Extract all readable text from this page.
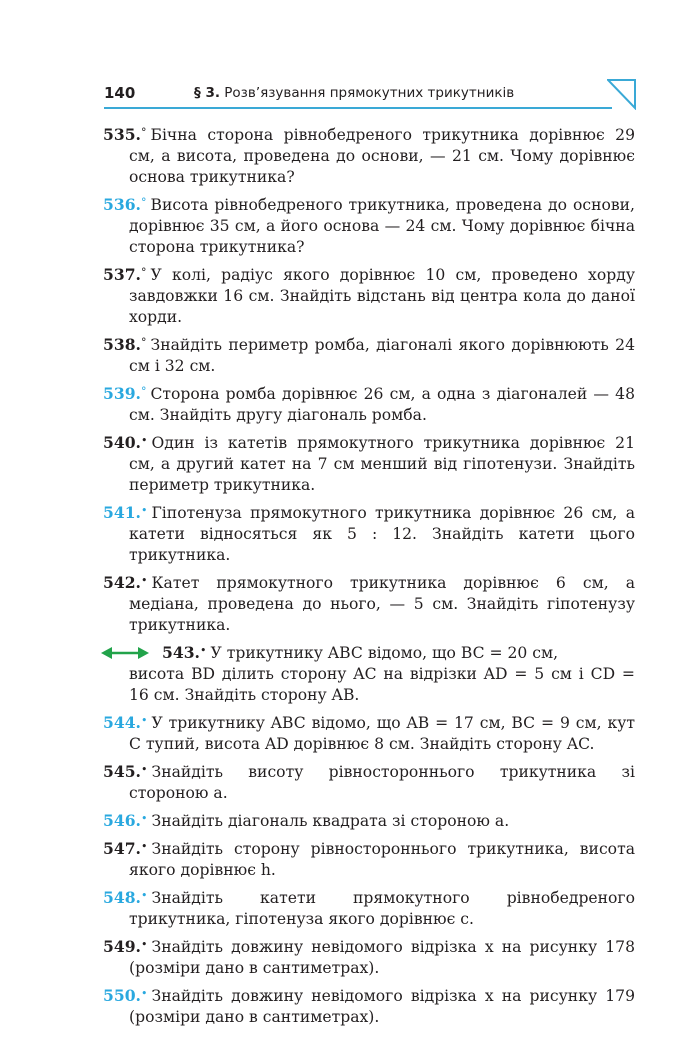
140	§ 3. Розв’язування прямокутних трикутників
535.° Бічна сторона рівнобедреного трикутника дорівнює 29 см, а висота, проведена до основи, — 21 см. Чому дорівнює основа трикутника?
536.° Висота рівнобедреного трикутника, проведена до основи, дорівнює 35 см, а його основа — 24 см. Чому дорівнює бічна сторона трикутника?
537.° У колі, радіус якого дорівнює 10 см, проведено хорду завдовжки 16 см. Знайдіть відстань від центра кола до даної хорди.
538.° Знайдіть периметр ромба, діагоналі якого дорівнюють 24 см і 32 см.
539.° Сторона ромба дорівнює 26 см, а одна з діагоналей — 48 см. Знайдіть другу діагональ ромба.
540.• Один із катетів прямокутного трикутника дорівнює 21 см, а другий катет на 7 см менший від гіпотенузи. Знайдіть периметр трикутника.
541.• Гіпотенуза прямокутного трикутника дорівнює 26 см, а катети відносяться як 5 : 12. Знайдіть катети цього трикутника.
542.• Катет прямокутного трикутника дорівнює 6 см, а медіана, проведена до нього, — 5 см. Знайдіть гіпотенузу трикутника.
543.• У трикутнику ABC відомо, що BC = 20 см,
висота BD ділить сторону AC на відрізки AD = 5 см і CD = 16 см. Знайдіть сторону AB.
544.• У трикутнику ABC відомо, що AB = 17 см, BC = 9 см, кут C тупий, висота AD дорівнює 8 см. Знайдіть сторону AC.
545.• Знайдіть висоту рівностороннього трикутника зі стороною a.
546.• Знайдіть діагональ квадрата зі стороною a.
547.• Знайдіть сторону рівностороннього трикутника, висота якого дорівнює h.
548.• Знайдіть катети прямокутного рівнобедреного трикутника, гіпотенуза якого дорівнює c.
549.• Знайдіть довжину невідомого відрізка x на рисунку 178 (розміри дано в сантиметрах).
550.• Знайдіть довжину невідомого відрізка x на рисунку 179 (розміри дано в сантиметрах).
